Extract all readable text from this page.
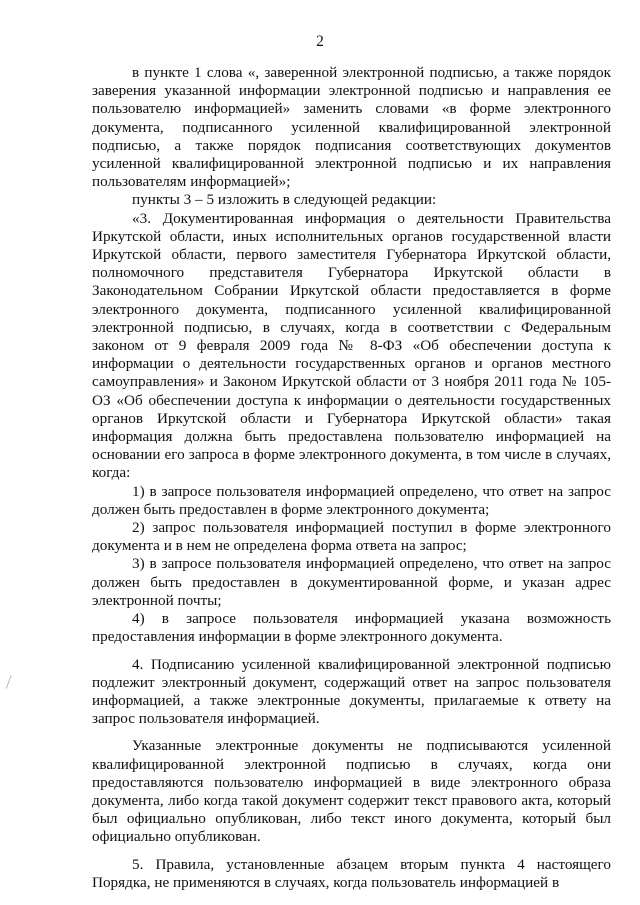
2

в пункте 1 слова «, заверенной электронной подписью, а также порядок заверения указанной информации электронной подписью и направления ее пользователю информацией» заменить словами «в форме электронного документа, подписанного усиленной квалифицированной электронной подписью, а также порядок подписания соответствующих документов усиленной квалифицированной электронной подписью и их направления пользователям информацией»;

пункты 3 – 5 изложить в следующей редакции:

«3. Документированная информация о деятельности Правительства Иркутской области, иных исполнительных органов государственной власти Иркутской области, первого заместителя Губернатора Иркутской области, полномочного представителя Губернатора Иркутской области в Законодательном Собрании Иркутской области предоставляется в форме электронного документа, подписанного усиленной квалифицированной электронной подписью, в случаях, когда в соответствии с Федеральным законом от 9 февраля 2009 года № 8-ФЗ «Об обеспечении доступа к информации о деятельности государственных органов и органов местного самоуправления» и Законом Иркутской области от 3 ноября 2011 года № 105-ОЗ «Об обеспечении доступа к информации о деятельности государственных органов Иркутской области и Губернатора Иркутской области» такая информация должна быть предоставлена пользователю информацией на основании его запроса в форме электронного документа, в том числе в случаях, когда:

1) в запросе пользователя информацией определено, что ответ на запрос должен быть предоставлен в форме электронного документа;

2) запрос пользователя информацией поступил в форме электронного документа и в нем не определена форма ответа на запрос;

3) в запросе пользователя информацией определено, что ответ на запрос должен быть предоставлен в документированной форме, и указан адрес электронной почты;

4) в запросе пользователя информацией указана возможность предоставления информации в форме электронного документа.

4. Подписанию усиленной квалифицированной электронной подписью подлежит электронный документ, содержащий ответ на запрос пользователя информацией, а также электронные документы, прилагаемые к ответу на запрос пользователя информацией.

Указанные электронные документы не подписываются усиленной квалифицированной электронной подписью в случаях, когда они предоставляются пользователю информацией в виде электронного образа документа, либо когда такой документ содержит текст правового акта, который был официально опубликован, либо текст иного документа, который был официально опубликован.

5. Правила, установленные абзацем вторым пункта 4 настоящего Порядка, не применяются в случаях, когда пользователь информацией в
